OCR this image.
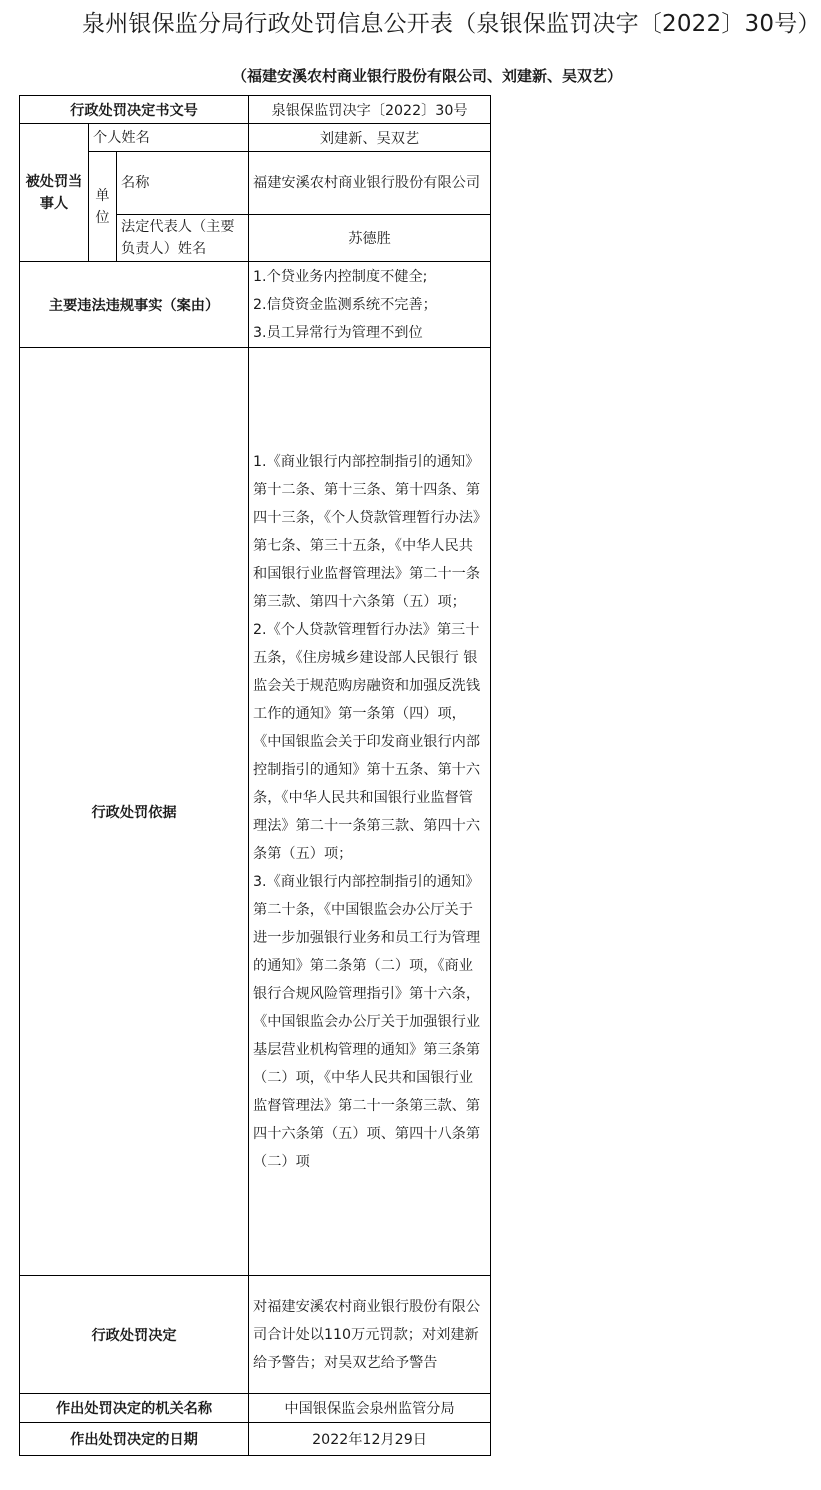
泉州银保监分局行政处罚信息公开表（泉银保监罚决字〔2022〕30号）
（福建安溪农村商业银行股份有限公司、刘建新、吴双艺）
行政处罚决定书文号			泉银保监罚决字〔2022〕30号
被处罚当事人	个人姓名		刘建新、吴双艺
	单位	名称	福建安溪农村商业银行股份有限公司

		法定代表人（主要负责人）姓名	苏德胜
主要违法违规事实（案由）			1.个贷业务内控制度不健全;
2.信贷资金监测系统不完善；
3.员工异常行为管理不到位

行政处罚依据			1.《商业银行内部控制指引的通知》第十二条、第十三条、第十四条、第四十三条，《个人贷款管理暂行办法》第七条、第三十五条，《中华人民共和国银行业监督管理法》第二十一条第三款、第四十六条第（五）项；
2.《个人贷款管理暂行办法》第三十五条，《住房城乡建设部人民银行 银监会关于规范购房融资和加强反洗钱工作的通知》第一条第（四）项，《中国银监会关于印发商业银行内部控制指引的通知》第十五条、第十六条，《中华人民共和国银行业监督管理法》第二十一条第三款、第四十六条第（五）项；
3.《商业银行内部控制指引的通知》第二十条，《中国银监会办公厅关于进一步加强银行业务和员工行为管理的通知》第二条第（二）项，《商业银行合规风险管理指引》第十六条，《中国银监会办公厅关于加强银行业基层营业机构管理的通知》第三条第（二）项，《中华人民共和国银行业监督管理法》第二十一条第三款、第四十六条第（五）项、第四十八条第（二）项

行政处罚决定			对福建安溪农村商业银行股份有限公司合计处以110万元罚款；对刘建新给予警告；对吴双艺给予警告
作出处罚决定的机关名称			中国银保监会泉州监管分局
作出处罚决定的日期			2022年12月29日
